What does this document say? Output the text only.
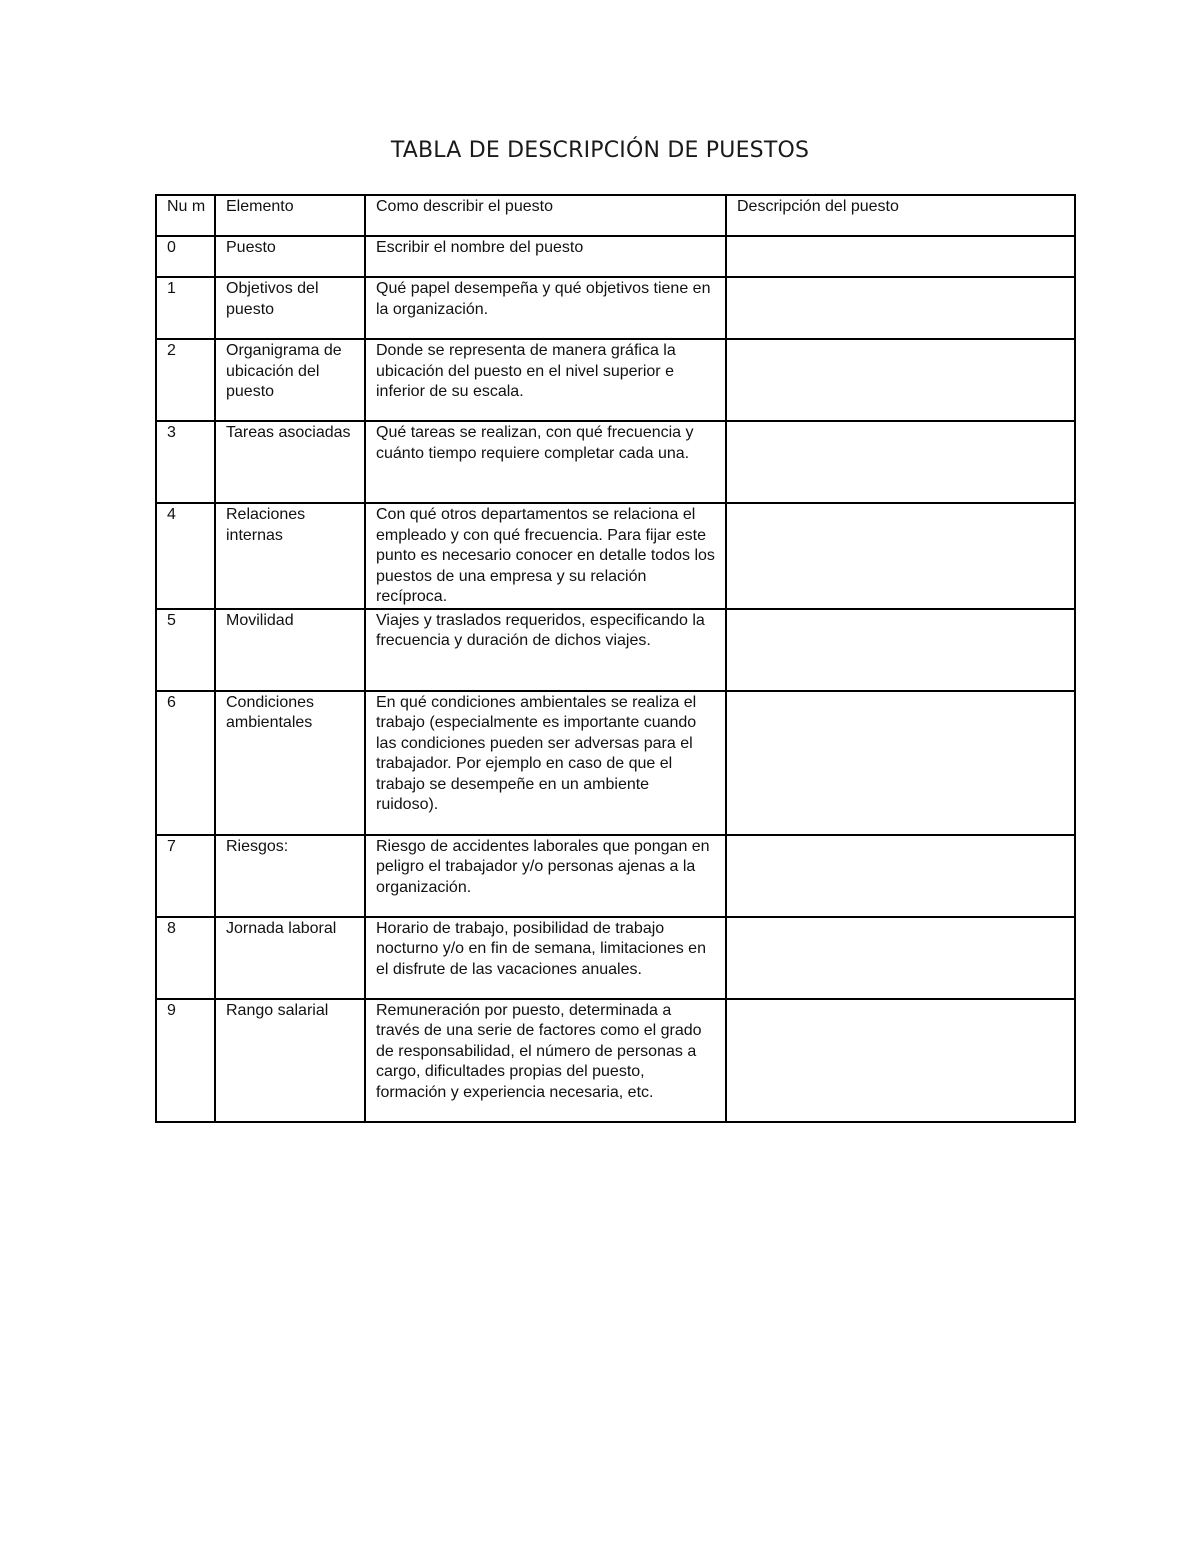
TABLA DE DESCRIPCIÓN DE PUESTOS
Nu m	Elemento	Como describir el puesto	Descripción del puesto
0	Puesto	Escribir el nombre del puesto	
1	Objetivos del puesto	Qué papel desempeña y qué objetivos tiene en la organización.	
2	Organigrama de ubicación del puesto	Donde se representa de manera gráfica la ubicación del puesto en el nivel superior e inferior de su escala.	
3	Tareas asociadas	Qué tareas se realizan, con qué frecuencia y cuánto tiempo requiere completar cada una.	
4	Relaciones internas	Con qué otros departamentos se relaciona el empleado y con qué frecuencia. Para fijar este punto es necesario conocer en detalle todos los puestos de una empresa y su relación recíproca.	
5	Movilidad	Viajes y traslados requeridos, especificando la frecuencia y duración de dichos viajes.	
6	Condiciones ambientales	En qué condiciones ambientales se realiza el trabajo (especialmente es importante cuando las condiciones pueden ser adversas para el trabajador. Por ejemplo en caso de que el trabajo se desempeñe en un ambiente ruidoso).	
7	Riesgos:	Riesgo de accidentes laborales que pongan en peligro el trabajador y/o personas ajenas a la organización.	
8	Jornada laboral	Horario de trabajo, posibilidad de trabajo nocturno y/o en fin de semana, limitaciones en el disfrute de las vacaciones anuales.	
9	Rango salarial	Remuneración por puesto, determinada a través de una serie de factores como el grado de responsabilidad, el número de personas a cargo, dificultades propias del puesto, formación y experiencia necesaria, etc.	
